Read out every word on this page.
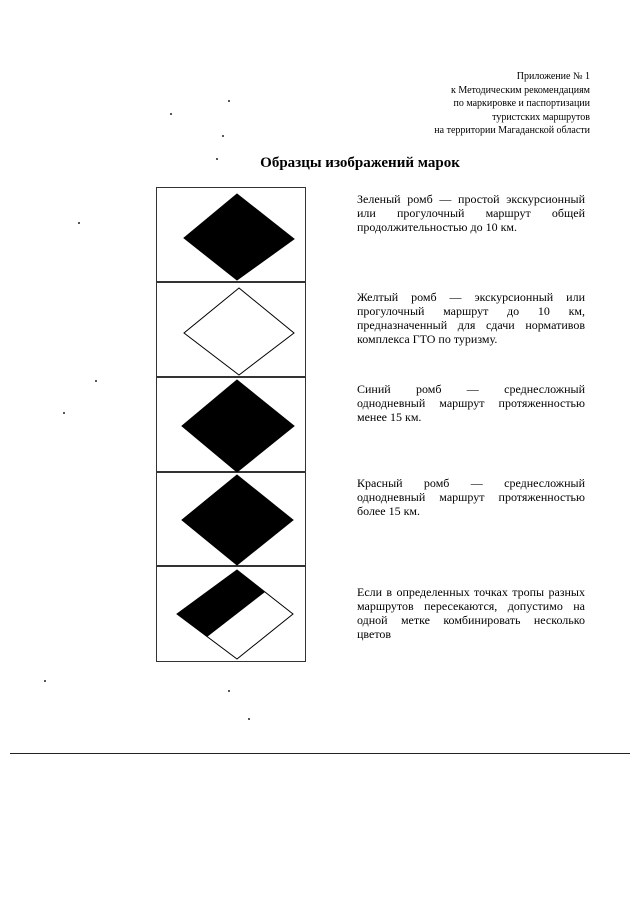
Приложение № 1
к Методическим рекомендациям
по маркировке и паспортизации
туристских маршрутов
на территории Магаданской области
Образцы изображений марок
Зеленый ромб — простой экскурсионный или прогулочный маршрут общей продолжительностью до 10 км.
Желтый ромб — экскурсионный или прогулочный маршрут до 10 км, предназначенный для сдачи нормативов комплекса ГТО по туризму.
Синий ромб — среднесложный однодневный маршрут протяженностью менее 15 км.
Красный ромб — среднесложный однодневный маршрут протяженностью более 15 км.
Если в определенных точках тропы разных маршрутов пересекаются, допустимо на одной метке комбинировать несколько цветов
